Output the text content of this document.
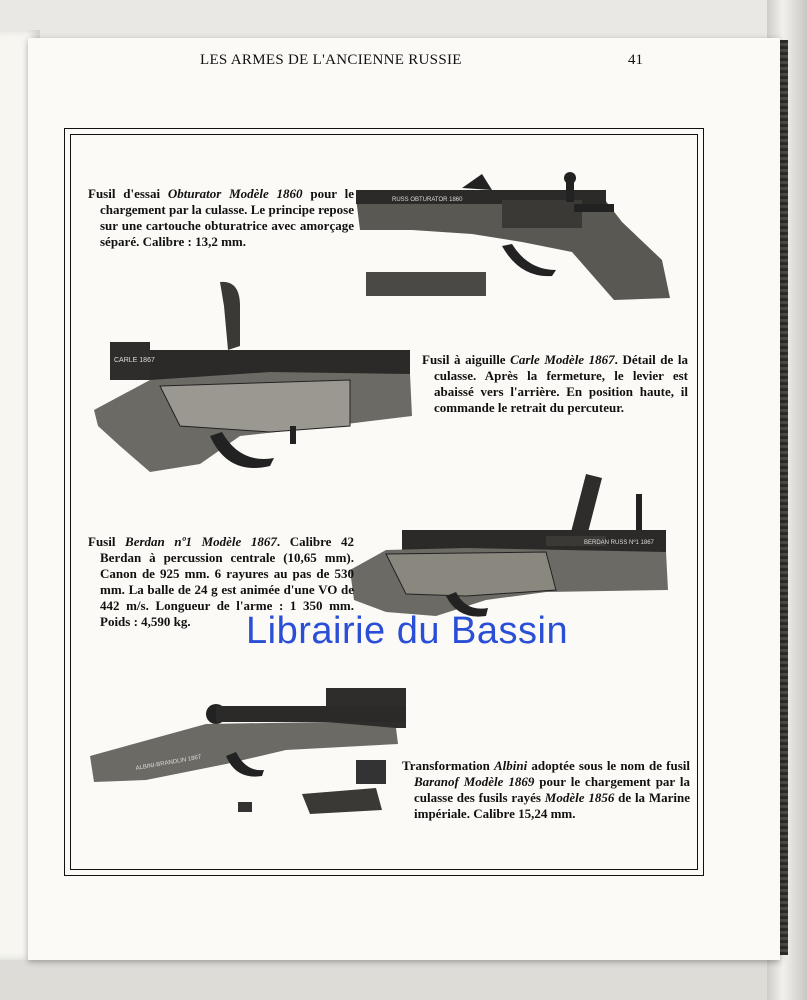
LES ARMES DE L'ANCIENNE RUSSIE	41
RUSS OBTURATOR 1860
CARLE 1867
BERDAN RUSS Nº1 1867
ALBINI-BRANDLIN 1867
Fusil d'essai Obturator Modèle 1860 pour le chargement par la culasse. Le principe repose sur une cartouche obturatrice avec amorçage séparé. Calibre : 13,2 mm.
Fusil à aiguille Carle Modèle 1867. Détail de la culasse. Après la fermeture, le levier est abaissé vers l'arrière. En position haute, il commande le retrait du percuteur.
Fusil Berdan nº1 Modèle 1867. Calibre 42 Berdan à percussion centrale (10,65 mm). Canon de 925 mm. 6 rayures au pas de 530 mm. La balle de 24 g est animée d'une VO de 442 m/s. Longueur de l'arme : 1 350 mm. Poids : 4,590 kg.
Transformation Albini adoptée sous le nom de fusil Baranof Modèle 1869 pour le chargement par la culasse des fusils rayés Modèle 1856 de la Marine impériale. Calibre 15,24 mm.
Librairie du Bassin
